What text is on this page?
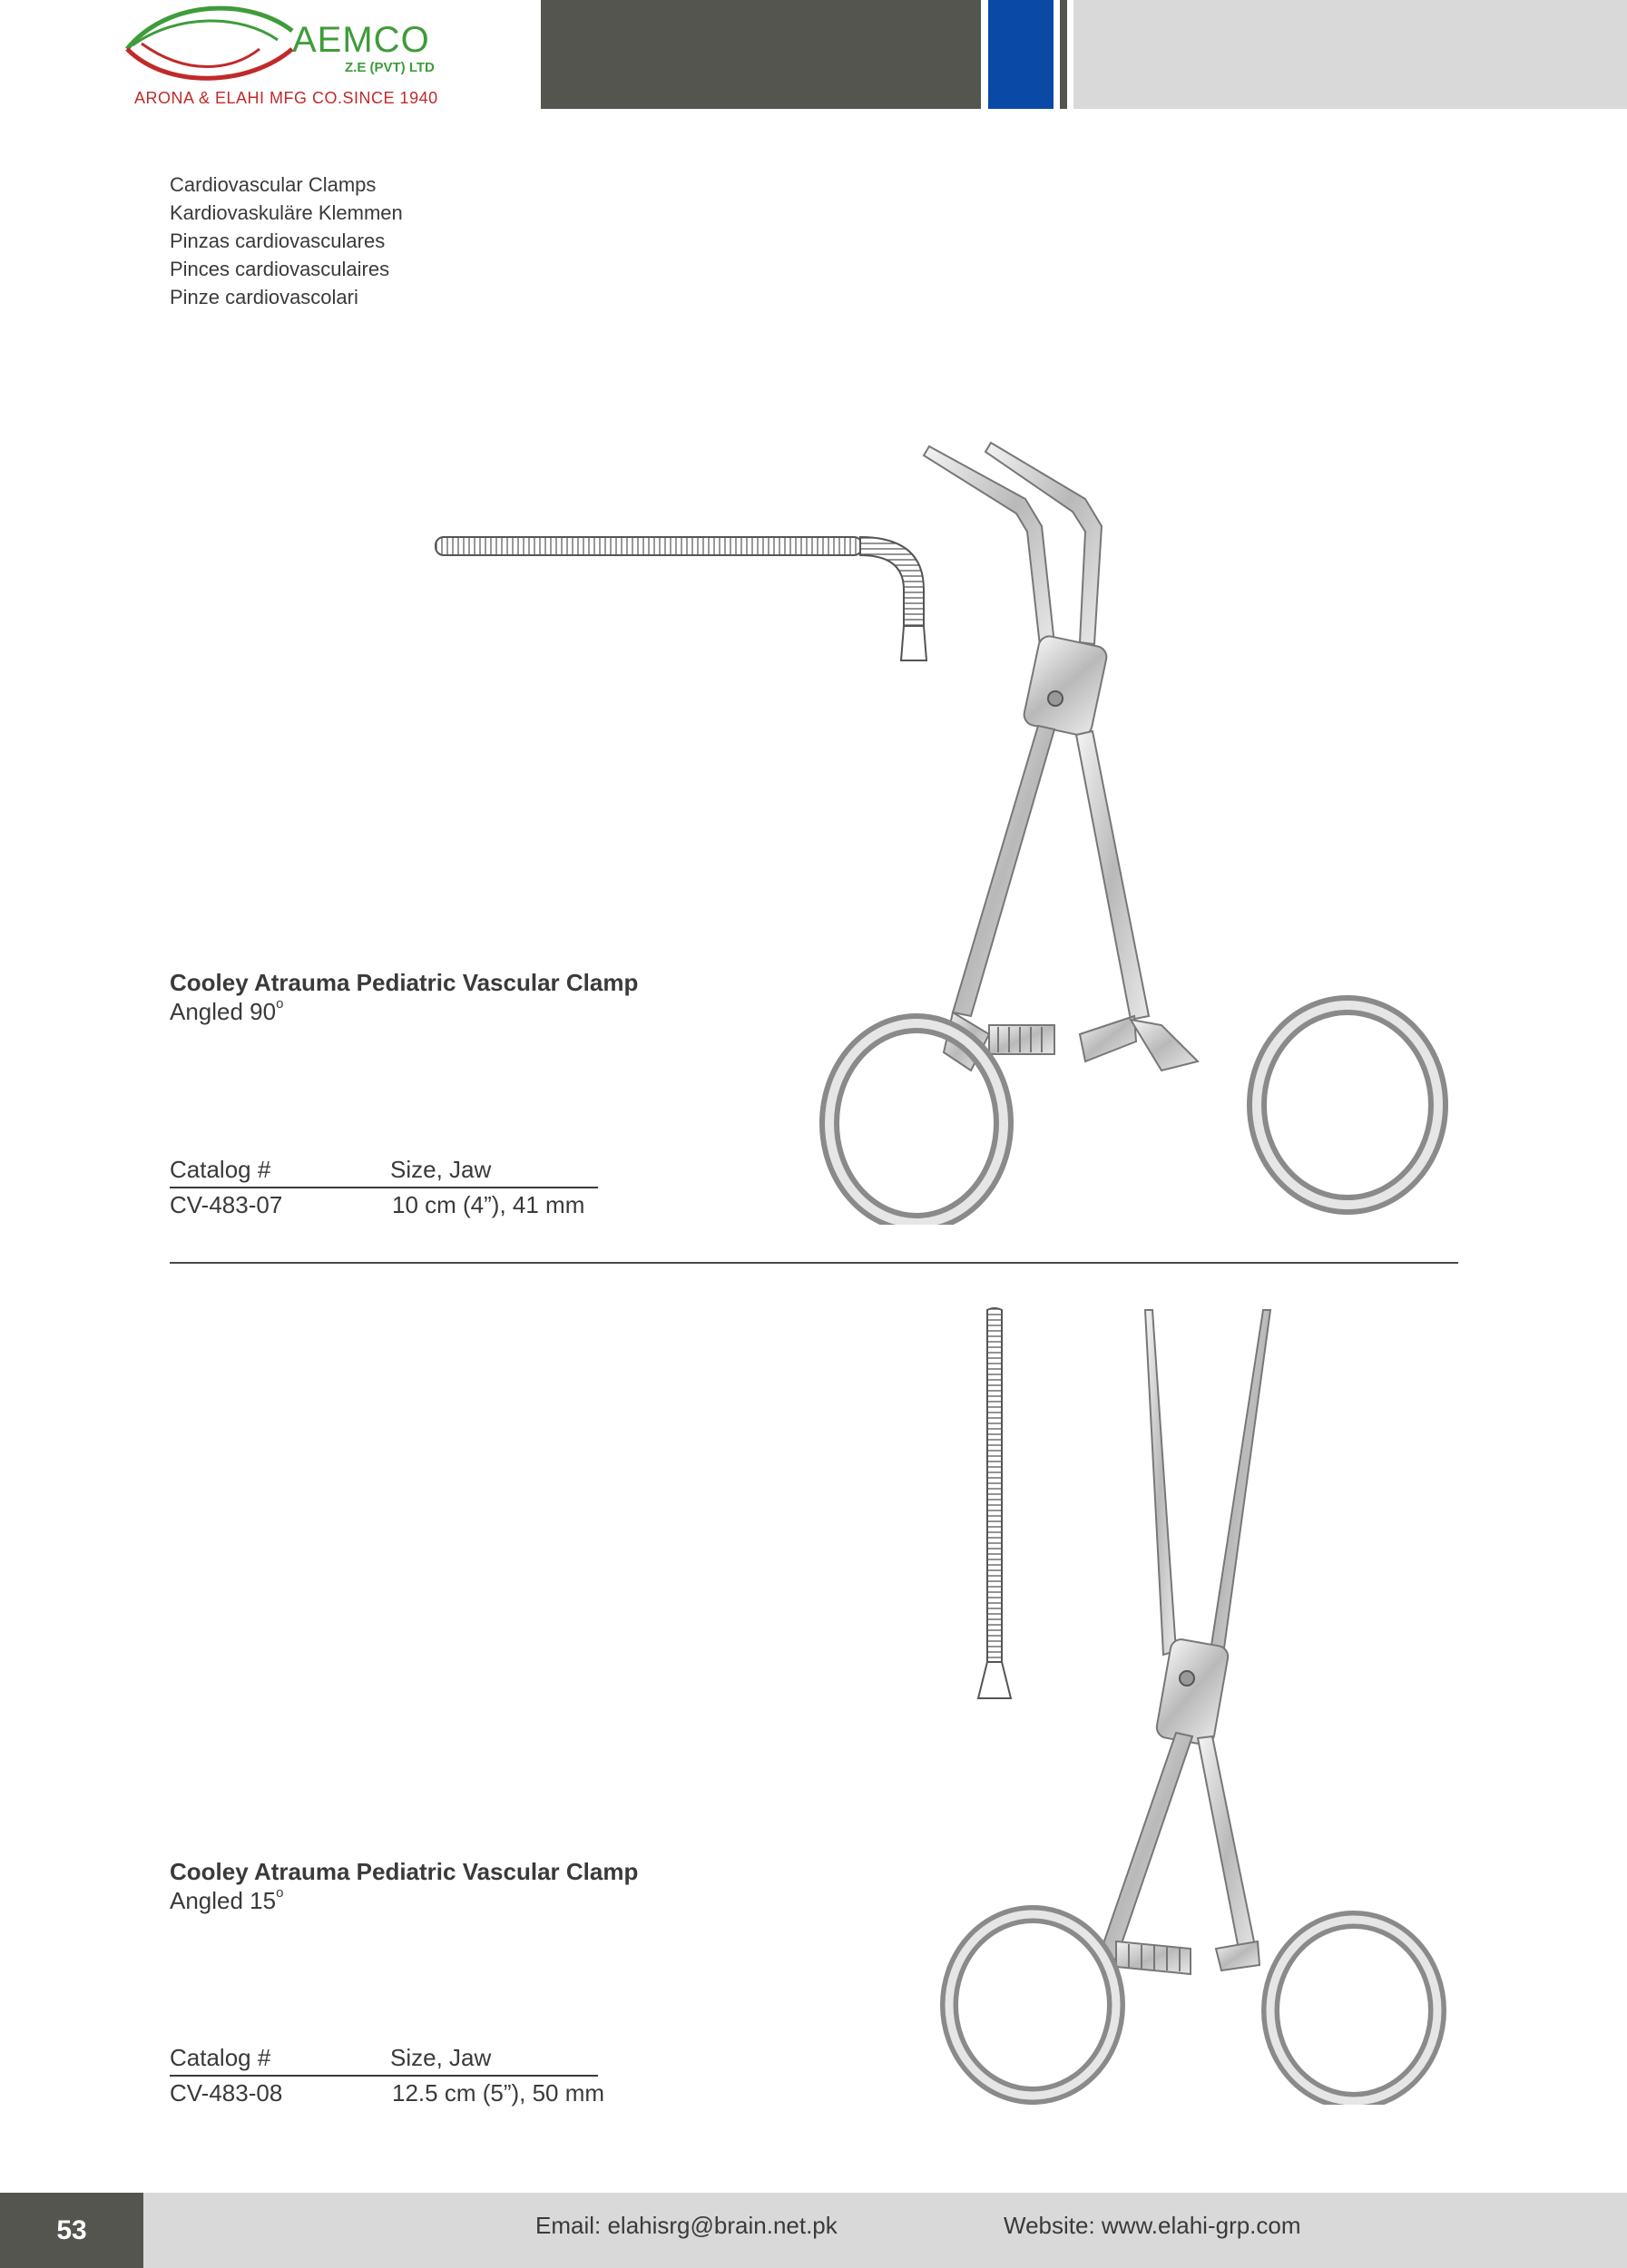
AEMCO
Z.E (PVT) LTD
ARONA & ELAHI MFG CO.SINCE 1940
Cardiovascular Clamps
Kardiovaskuläre Klemmen
Pinzas cardiovasculares
Pinces cardiovasculaires
Pinze cardiovascolari
Cooley Atrauma Pediatric Vascular Clamp
Angled 90$^o$
Catalog #	Size, Jaw
CV-483-07	10 cm (4”), 41 mm
Cooley Atrauma Pediatric Vascular Clamp
Angled 15$^o$
Catalog #	Size, Jaw
CV-483-08	12.5 cm (5”), 50 mm
53	Email: elahisrg@brain.net.pk	Website: www.elahi-grp.com
